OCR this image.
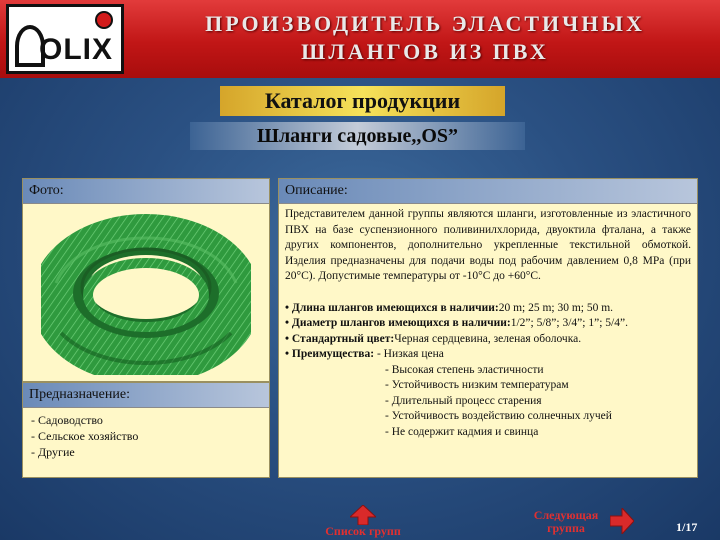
OLIX
ПРОИЗВОДИТЕЛЬ ЭЛАСТИЧНЫХ
ШЛАНГОВ ИЗ ПВХ
Каталог продукции
Шланги садовые,,OS”
Фото:
Предназначение:
- Садоводство
- Сельское хозяйство
- Другие
Описание:
Представителем данной группы являются шланги, изготовленные из эластичного ПВХ на базе суспензионного поливинилхлорида, двуоктила фталана, а также других компонентов, дополнительно укрепленные текстильной обмоткой. Изделия предназначены для подачи воды под рабочим давлением 0,8 MPa (при 20°С). Допустимые температуры от -10°С до +60°С.
• Длина шлангов имеющихся в наличии:20 m; 25 m; 30 m; 50 m.
• Диаметр шлангов имеющихся в наличии:1/2”; 5/8”; 3/4”; 1”; 5/4”.
• Стандартный цвет:Черная сердцевина, зеленая оболочка.
• Преимущества: - Низкая цена
- Высокая степень эластичности
- Устойчивость низким температурам
- Длительный процесс старения
- Устойчивость воздействию солнечных лучей
- Не содержит кадмия и свинца
Список групп
Следующая
группа	1/17
